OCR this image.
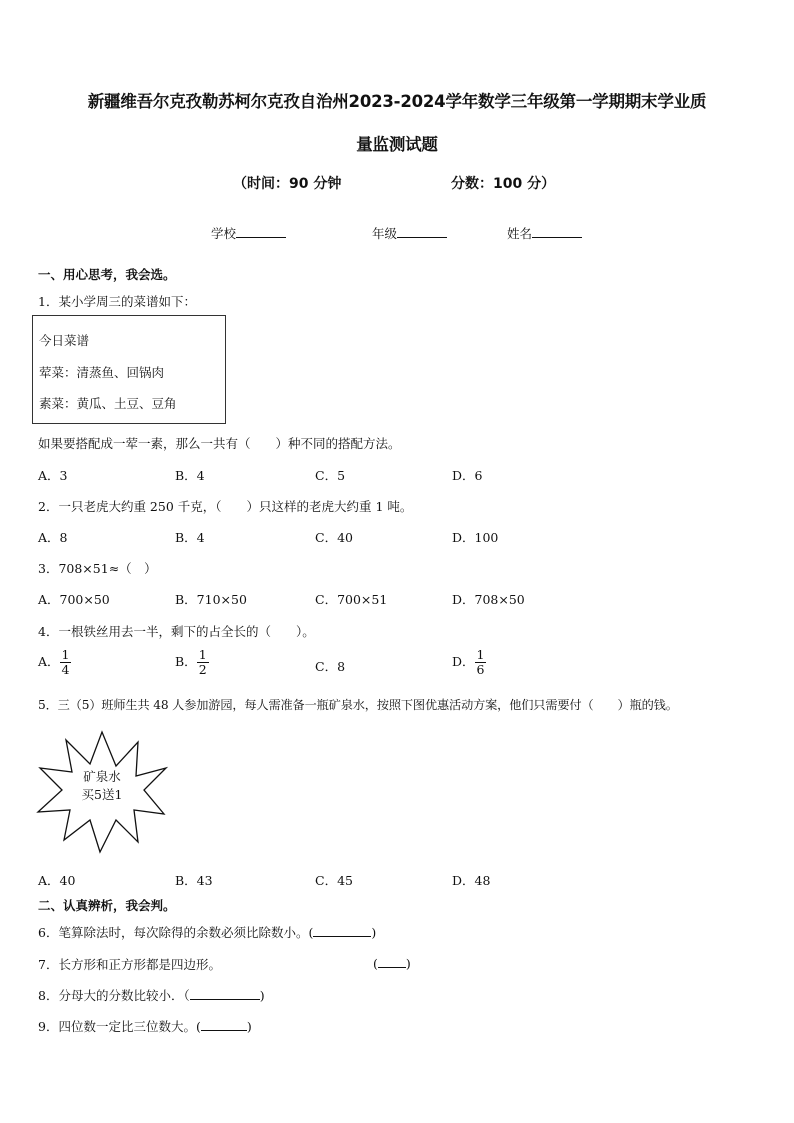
新疆维吾尔克孜勒苏柯尔克孜自治州2023-2024学年数学三年级第一学期期末学业质
量监测试题
（时间：90 分钟	分数：100 分）
学校	年级	姓名
一、用心思考，我会选。
1．某小学周三的菜谱如下：
今日菜谱
荤菜：清蒸鱼、回锅肉
素菜：黄瓜、土豆、豆角
如果要搭配成一荤一素，那么一共有（　　）种不同的搭配方法。
A．3	B．4	C．5	D．6
2．一只老虎大约重 250 千克，（　　）只这样的老虎大约重 1 吨。
A．8	B．4	C．40	D．100
3．708×51≈（　）
A．700×50	B．710×50	C．700×51	D．708×50
4．一根铁丝用去一半，剩下的占全长的（　　）。
A． $\frac{1}{4}$	B． $\frac{1}{2}$	C．8	D． $\frac{1}{6}$
5．三（5）班师生共 48 人参加游园，每人需准备一瓶矿泉水，按照下图优惠活动方案，他们只需要付（　　）瓶的钱。
矿泉水
买5送1
A．40	B．43	C．45	D．48
二、认真辨析，我会判。
6．笔算除法时，每次除得的余数必须比除数小。(	)
7．长方形和正方形都是四边形。	( )
8．分母大的分数比较小．（	)
9．四位数一定比三位数大。(	)
